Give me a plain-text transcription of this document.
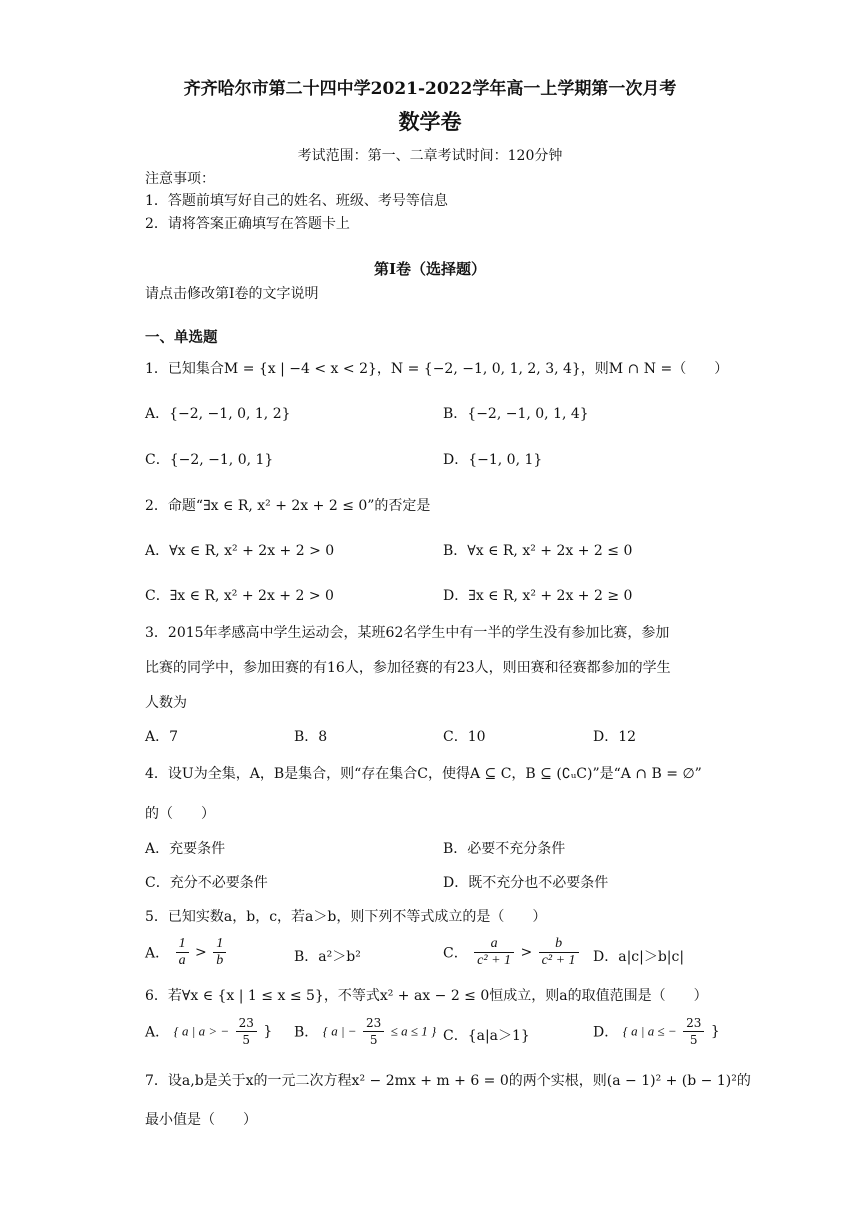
齐齐哈尔市第二十四中学2021-2022学年高一上学期第一次月考
数学卷
考试范围：第一、二章考试时间：120分钟
注意事项：
1．答题前填写好自己的姓名、班级、考号等信息
2．请将答案正确填写在答题卡上
第I卷（选择题）
请点击修改第I卷的文字说明
一、单选题
1．已知集合M = {x | −4 < x < 2}，N = {−2, −1, 0, 1, 2, 3, 4}，则M ∩ N =（　　）
A．{−2, −1, 0, 1, 2}	B．{−2, −1, 0, 1, 4}
C．{−2, −1, 0, 1}	D．{−1, 0, 1}
2．命题“∃x ∈ R, x² + 2x + 2 ≤ 0”的否定是
A．∀x ∈ R, x² + 2x + 2 > 0	B．∀x ∈ R, x² + 2x + 2 ≤ 0
C．∃x ∈ R, x² + 2x + 2 > 0	D．∃x ∈ R, x² + 2x + 2 ≥ 0
3．2015年孝感高中学生运动会，某班62名学生中有一半的学生没有参加比赛，参加
比赛的同学中，参加田赛的有16人，参加径赛的有23人，则田赛和径赛都参加的学生
人数为
A．7	B．8	C．10	D．12
4．设U为全集，A，B是集合，则“存在集合C，使得A ⊆ C，B ⊆ (∁ᵤC)”是“A ∩ B = ∅”
的（　　）
A．充要条件	B．必要不充分条件
C．充分不必要条件	D．既不充分也不必要条件
5．已知实数a，b，c，若a＞b，则下列不等式成立的是（　　）
A． $\frac{1}{a} > \frac{1}{b}$	B．a²＞b²	C． $\frac{a}{\text{c² + 1}} > \frac{b}{\text{c² + 1}}$ D．a|c|＞b|c|
6．若∀x ∈ {x | 1 ≤ x ≤ 5}，不等式x² + ax − 2 ≤ 0恒成立，则a的取值范围是（　　）
A． { a | a > − $\frac{23}{5}$ } B． { a | − $\frac{23}{5} \le a \le 1$ } C．{a|a＞1}	D． { a | a ≤ − $\frac{23}{5}$ }
7．设a,b是关于x的一元二次方程x² − 2mx + m + 6 = 0的两个实根，则(a − 1)² + (b − 1)²的
最小值是（　　）
